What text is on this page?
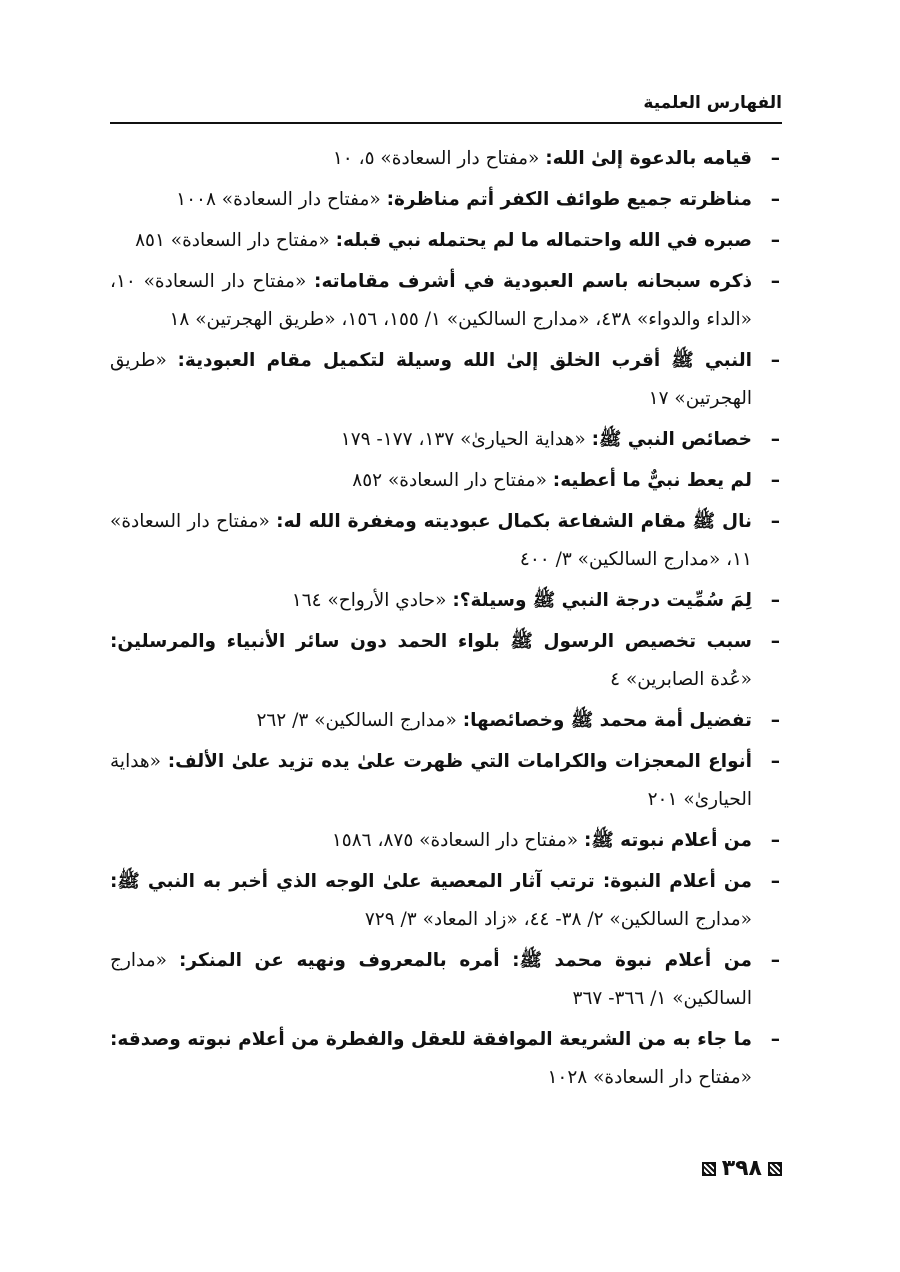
الفهارس العلمية

–
قيامه بالدعوة إلىٰ الله: «مفتاح دار السعادة» ٥، ١٠

–
مناظرته جميع طوائف الكفر أتم مناظرة: «مفتاح دار السعادة» ١٠٠٨

–
صبره في الله واحتماله ما لم يحتمله نبي قبله: «مفتاح دار السعادة» ٨٥١

–
ذكره سبحانه باسم العبودية في أشرف مقاماته: «مفتاح دار السعادة» ١٠، «الداء والدواء» ٤٣٨، «مدارج السالكين» ١/ ١٥٥، ١٥٦، «طريق الهجرتين» ١٨

–
النبي ﷺ أقرب الخلق إلىٰ الله وسيلة لتكميل مقام العبودية: «طريق الهجرتين» ١٧

–
خصائص النبي ﷺ: «هداية الحيارىٰ» ١٣٧، ١٧٧- ١٧٩

–
لم يعط نبيٌّ ما أعطيه: «مفتاح دار السعادة» ٨٥٢

–
نال ﷺ مقام الشفاعة بكمال عبوديته ومغفرة الله له: «مفتاح دار السعادة» ١١، «مدارج السالكين» ٣/ ٤٠٠

–
لِمَ سُمِّيت درجة النبي ﷺ وسيلة؟: «حادي الأرواح» ١٦٤

–
سبب تخصيص الرسول ﷺ بلواء الحمد دون سائر الأنبياء والمرسلين: «عُدة الصابرين» ٤

–
تفضيل أمة محمد ﷺ وخصائصها: «مدارج السالكين» ٣/ ٢٦٢

–
أنواع المعجزات والكرامات التي ظهرت علىٰ يده تزيد علىٰ الألف: «هداية الحيارىٰ» ٢٠١

–
من أعلام نبوته ﷺ: «مفتاح دار السعادة» ٨٧٥، ١٥٨٦

–
من أعلام النبوة: ترتب آثار المعصية علىٰ الوجه الذي أخبر به النبي ﷺ: «مدارج السالكين» ٢/ ٣٨- ٤٤، «زاد المعاد» ٣/ ٧٢٩

–
من أعلام نبوة محمد ﷺ: أمره بالمعروف ونهيه عن المنكر: «مدارج السالكين» ١/ ٣٦٦- ٣٦٧

–
ما جاء به من الشريعة الموافقة للعقل والفطرة من أعلام نبوته وصدقه: «مفتاح دار السعادة» ١٠٢٨

٣٩٨
